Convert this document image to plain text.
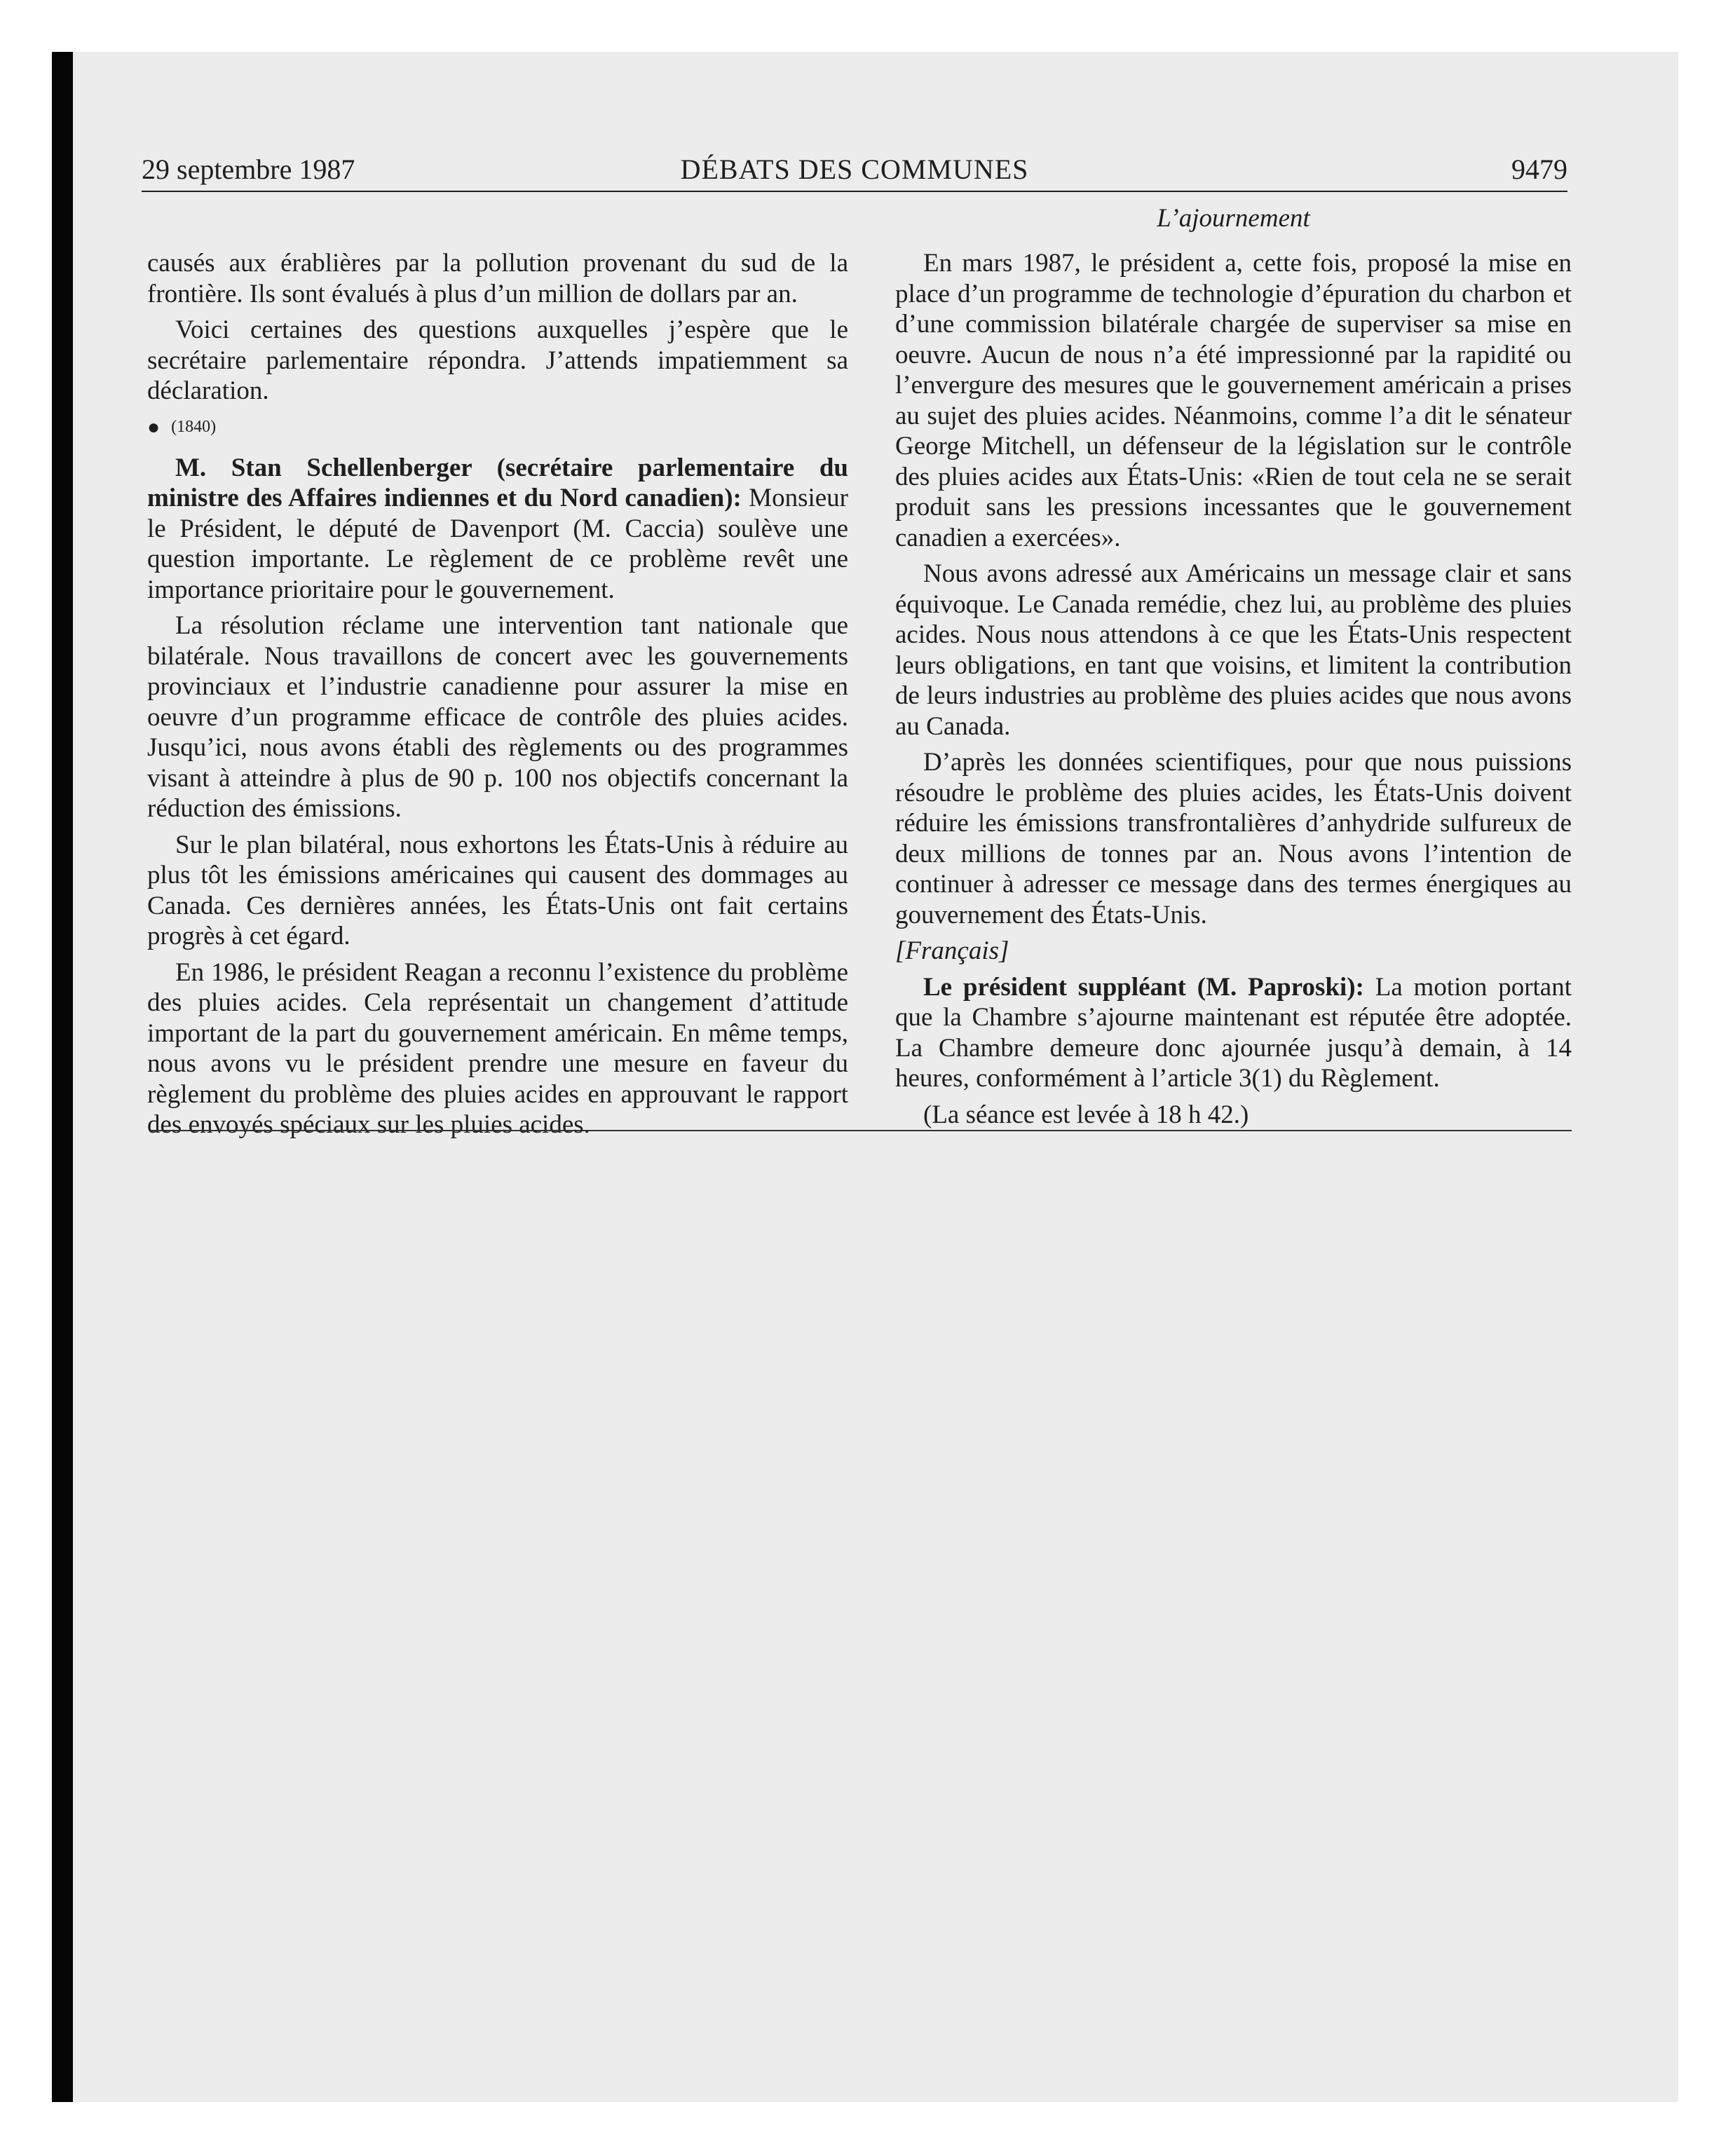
29 septembre 1987	DÉBATS DES COMMUNES	9479
L’ajournement

causés aux érablières par la pollution provenant du sud de la frontière. Ils sont évalués à plus d’un million de dollars par an.

Voici certaines des questions auxquelles j’espère que le secrétaire parlementaire répondra. J’attends impatiemment sa déclaration.

● (1840)

M. Stan Schellenberger (secrétaire parlementaire du ministre des Affaires indiennes et du Nord canadien): Monsieur le Président, le député de Davenport (M. Caccia) soulève une question importante. Le règlement de ce problème revêt une importance prioritaire pour le gouvernement.

La résolution réclame une intervention tant nationale que bilatérale. Nous travaillons de concert avec les gouvernements provinciaux et l’industrie canadienne pour assurer la mise en oeuvre d’un programme efficace de contrôle des pluies acides. Jusqu’ici, nous avons établi des règlements ou des programmes visant à atteindre à plus de 90 p. 100 nos objectifs concernant la réduction des émissions.

Sur le plan bilatéral, nous exhortons les États-Unis à réduire au plus tôt les émissions américaines qui causent des dommages au Canada. Ces dernières années, les États-Unis ont fait certains progrès à cet égard.

En 1986, le président Reagan a reconnu l’existence du problème des pluies acides. Cela représentait un changement d’attitude important de la part du gouvernement américain. En même temps, nous avons vu le président prendre une mesure en faveur du règlement du problème des pluies acides en approuvant le rapport des envoyés spéciaux sur les pluies acides.

En mars 1987, le président a, cette fois, proposé la mise en place d’un programme de technologie d’épuration du charbon et d’une commission bilatérale chargée de superviser sa mise en oeuvre. Aucun de nous n’a été impressionné par la rapidité ou l’envergure des mesures que le gouvernement américain a prises au sujet des pluies acides. Néanmoins, comme l’a dit le sénateur George Mitchell, un défenseur de la législation sur le contrôle des pluies acides aux États-Unis: «Rien de tout cela ne se serait produit sans les pressions incessantes que le gouvernement canadien a exercées».

Nous avons adressé aux Américains un message clair et sans équivoque. Le Canada remédie, chez lui, au problème des pluies acides. Nous nous attendons à ce que les États-Unis respectent leurs obligations, en tant que voisins, et limitent la contribution de leurs industries au problème des pluies acides que nous avons au Canada.

D’après les données scientifiques, pour que nous puissions résoudre le problème des pluies acides, les États-Unis doivent réduire les émissions transfrontalières d’anhydride sulfureux de deux millions de tonnes par an. Nous avons l’intention de continuer à adresser ce message dans des termes énergiques au gouvernement des États-Unis.

[Français]

Le président suppléant (M. Paproski): La motion portant que la Chambre s’ajourne maintenant est réputée être adoptée. La Chambre demeure donc ajournée jusqu’à demain, à 14 heures, conformément à l’article 3(1) du Règlement.

(La séance est levée à 18 h 42.)
